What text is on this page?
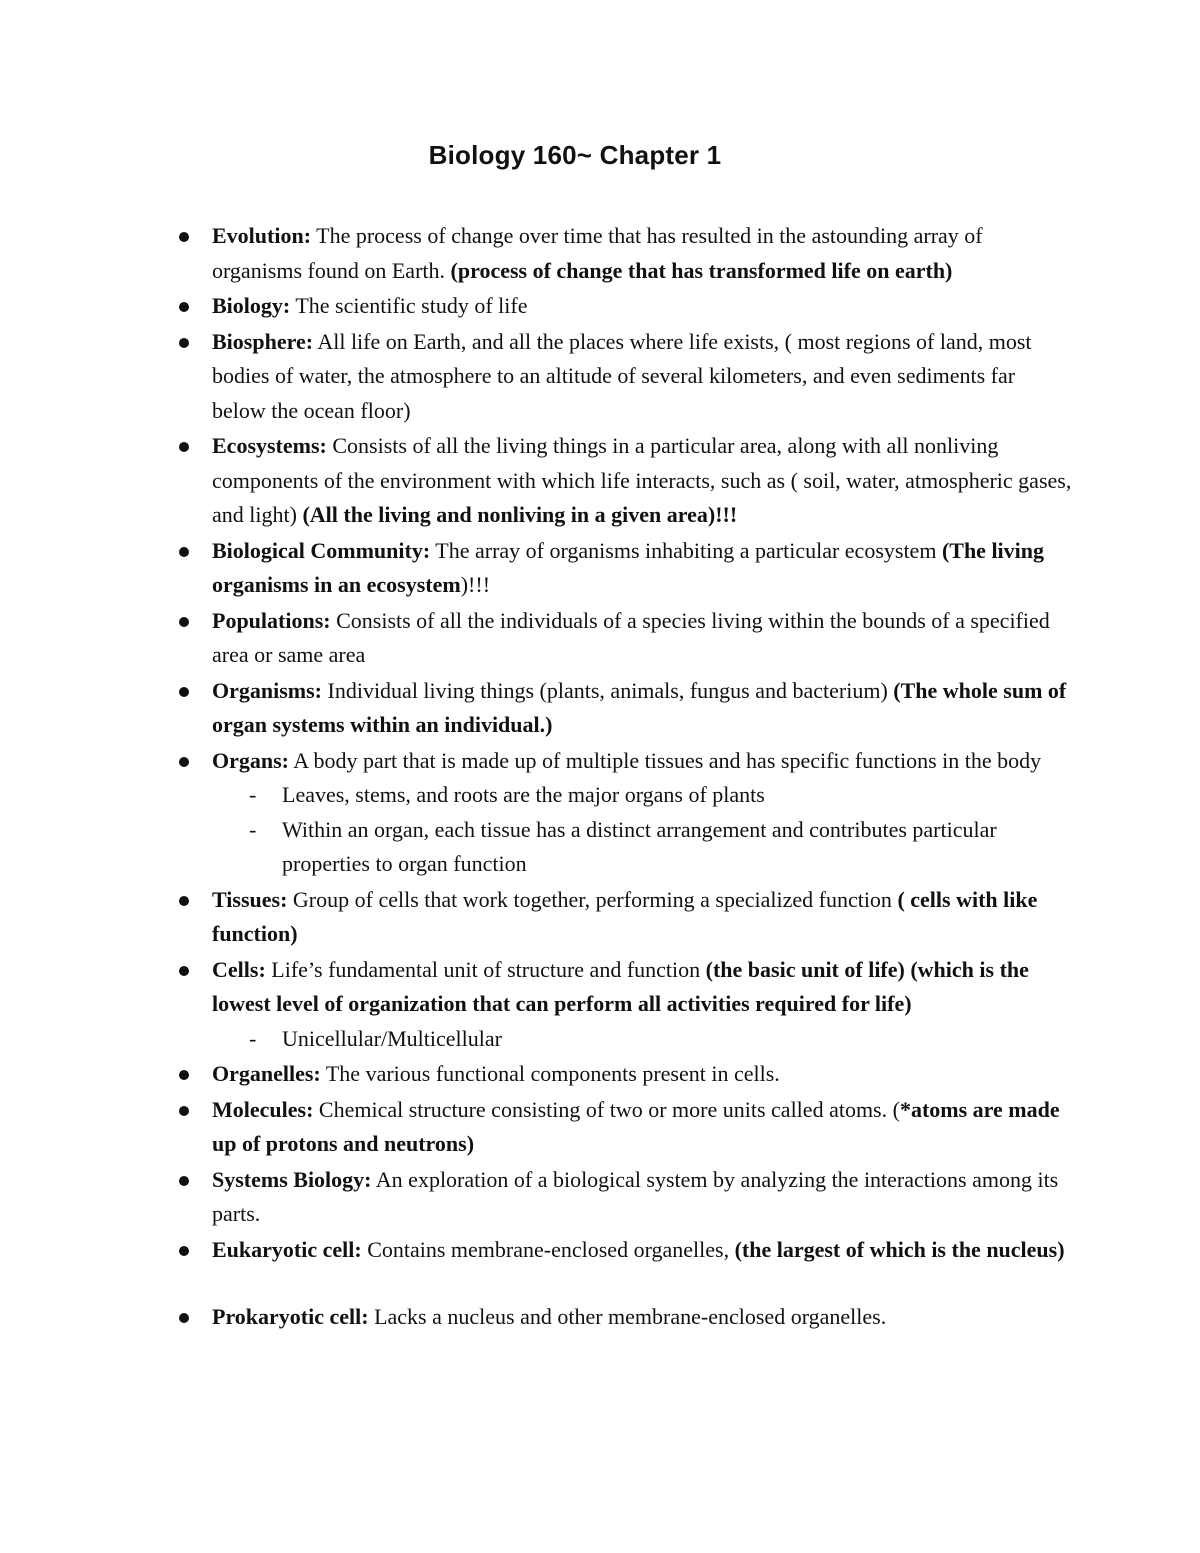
Biology 160~ Chapter 1
Evolution: The process of change over time that has resulted in the astounding array of organisms found on Earth. (process of change that has transformed life on earth)
Biology: The scientific study of life
Biosphere: All life on Earth, and all the places where life exists, ( most regions of land, most bodies of water, the atmosphere to an altitude of several kilometers, and even sediments far below the ocean floor)
Ecosystems: Consists of all the living things in a particular area, along with all nonliving components of the environment with which life interacts, such as ( soil, water, atmospheric gases, and light) (All the living and nonliving in a given area)!!!
Biological Community: The array of organisms inhabiting a particular ecosystem (The living organisms in an ecosystem)!!!
Populations: Consists of all the individuals of a species living within the bounds of a specified area or same area
Organisms: Individual living things (plants, animals, fungus and bacterium) (The whole sum of organ systems within an individual.)
Organs: A body part that is made up of multiple tissues and has specific functions in the body
- Leaves, stems, and roots are the major organs of plants
- Within an organ, each tissue has a distinct arrangement and contributes particular properties to organ function
Tissues: Group of cells that work together, performing a specialized function ( cells with like function)
Cells: Life’s fundamental unit of structure and function (the basic unit of life) (which is the lowest level of organization that can perform all activities required for life)
- Unicellular/Multicellular
Organelles: The various functional components present in cells.
Molecules: Chemical structure consisting of two or more units called atoms. (*atoms are made up of protons and neutrons)
Systems Biology: An exploration of a biological system by analyzing the interactions among its parts.
Eukaryotic cell: Contains membrane-enclosed organelles, (the largest of which is the nucleus)
Prokaryotic cell: Lacks a nucleus and other membrane-enclosed organelles.
